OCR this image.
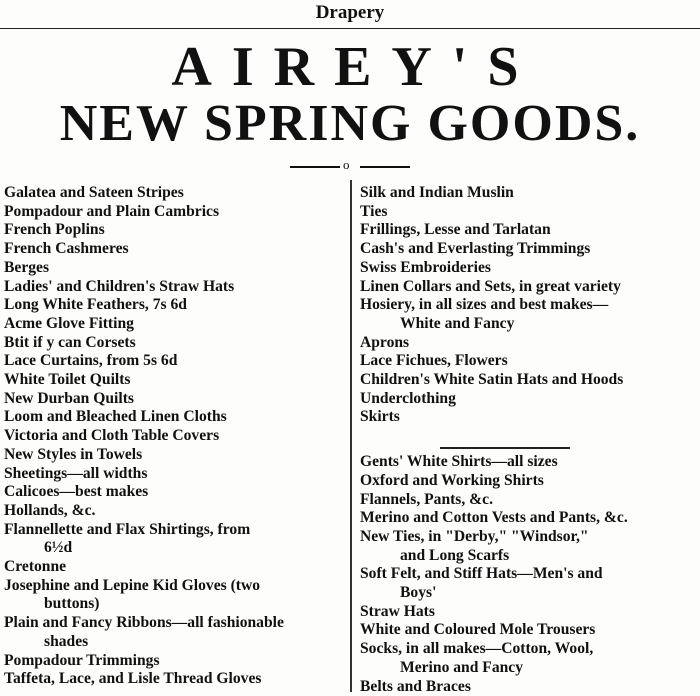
Drapery
AIREY'S
NEW SPRING GOODS.
o
Galatea and Sateen Stripes
Pompadour and Plain Cambrics
French Poplins
French Cashmeres
Berges
Ladies' and Children's Straw Hats
Long White Feathers, 7s 6d
Acme Glove Fitting
Btit if y can Corsets
Lace Curtains, from 5s 6d
White Toilet Quilts
New Durban Quilts
Loom and Bleached Linen Cloths
Victoria and Cloth Table Covers
New Styles in Towels
Sheetings—all widths
Calicoes—best makes
Hollands, &c.
Flannellette and Flax Shirtings, from
6½d
Cretonne
Josephine and Lepine Kid Gloves (two
buttons)
Plain and Fancy Ribbons—all fashionable
shades
Pompadour Trimmings
Taffeta, Lace, and Lisle Thread Gloves
Silk and Indian Muslin
Ties
Frillings, Lesse and Tarlatan
Cash's and Everlasting Trimmings
Swiss Embroideries
Linen Collars and Sets, in great variety
Hosiery, in all sizes and best makes—
White and Fancy
Aprons
Lace Fichues, Flowers
Children's White Satin Hats and Hoods
Underclothing
Skirts
Gents' White Shirts—all sizes
Oxford and Working Shirts
Flannels, Pants, &c.
Merino and Cotton Vests and Pants, &c.
New Ties, in "Derby," "Windsor,"
and Long Scarfs
Soft Felt, and Stiff Hats—Men's and
Boys'
Straw Hats
White and Coloured Mole Trousers
Socks, in all makes—Cotton, Wool,
Merino and Fancy
Belts and Braces
